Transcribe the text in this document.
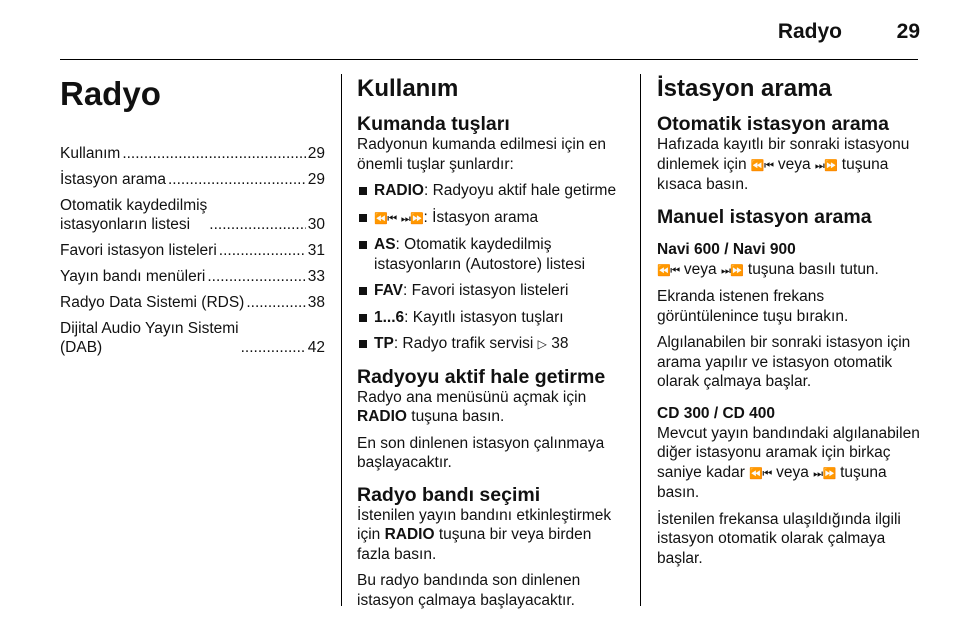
Radyo	29
Radyo
Kullanım .....	29
İstasyon arama .....	29
Otomatik kaydedilmiş
istasyonların listesi .....	30
Favori istasyon listeleri .....	31
Yayın bandı menüleri .....	33
Radyo Data Sistemi (RDS) .....	38
Dijital Audio Yayın Sistemi
(DAB) .....	42
Kullanım
Kumanda tuşları

Radyonun kumanda edilmesi için en önemli tuşlar şunlardır:

RADIO: Radyoyu aktif hale getirme
⏪⏮ ⏭⏩: İstasyon arama
AS: Otomatik kaydedilmiş istasyonların (Autostore) listesi
FAV: Favori istasyon listeleri
1...6: Kayıtlı istasyon tuşları
TP: Radyo trafik servisi ▷ 38
Radyoyu aktif hale getirme

Radyo ana menüsünü açmak için RADIO tuşuna basın.

En son dinlenen istasyon çalınmaya başlayacaktır.

Radyo bandı seçimi

İstenilen yayın bandını etkinleştirmek için RADIO tuşuna bir veya birden fazla basın.

Bu radyo bandında son dinlenen istasyon çalmaya başlayacaktır.

İstasyon arama
Otomatik istasyon arama

Hafızada kayıtlı bir sonraki istasyonu dinlemek için ⏪⏮ veya ⏭⏩ tuşuna kısaca basın.

Manuel istasyon arama
Navi 600 / Navi 900

⏪⏮ veya ⏭⏩ tuşuna basılı tutun.

Ekranda istenen frekans görüntülenince tuşu bırakın.

Algılanabilen bir sonraki istasyon için arama yapılır ve istasyon otomatik olarak çalmaya başlar.

CD 300 / CD 400

Mevcut yayın bandındaki algılanabilen diğer istasyonu aramak için birkaç saniye kadar ⏪⏮ veya ⏭⏩ tuşuna basın.

İstenilen frekansa ulaşıldığında ilgili istasyon otomatik olarak çalmaya başlar.
